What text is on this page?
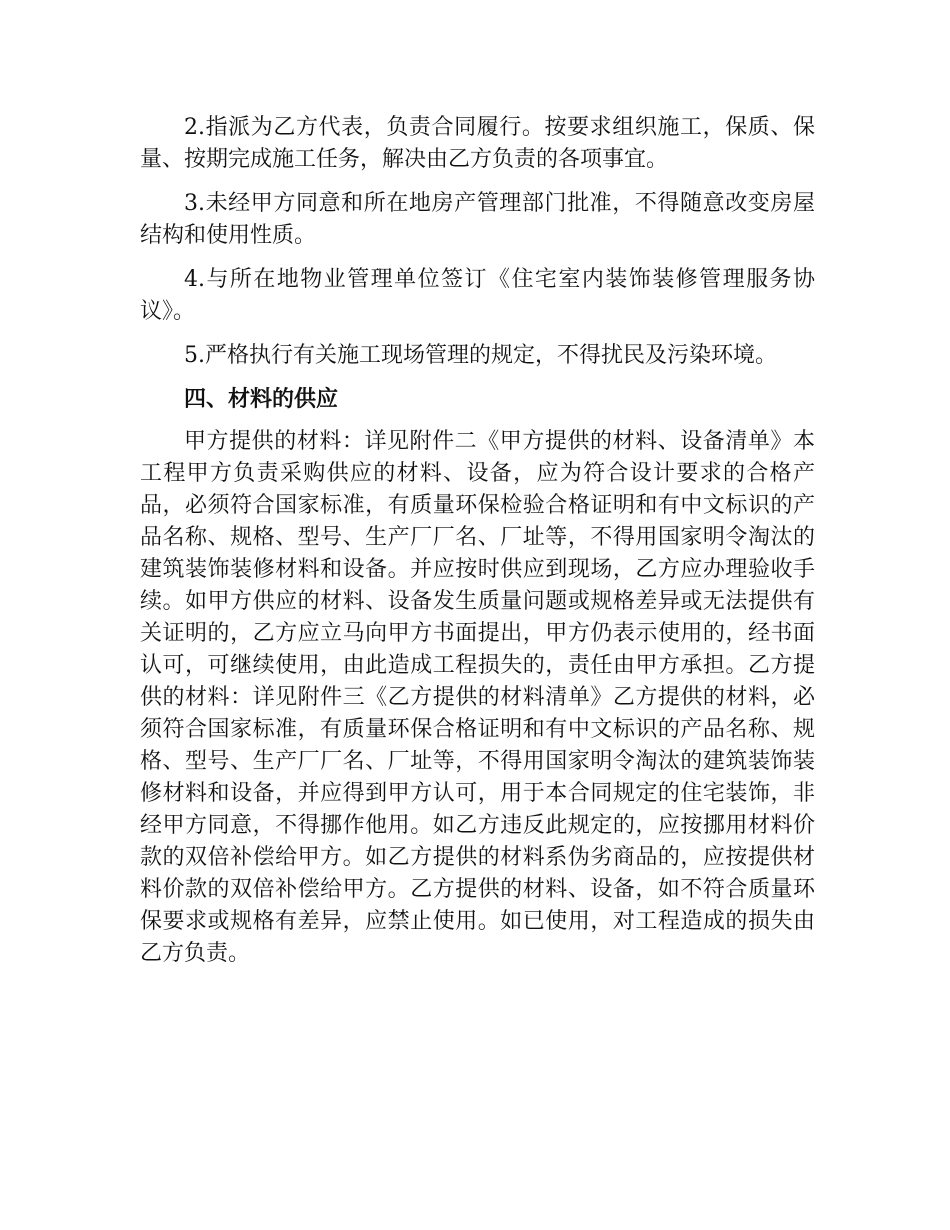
2.指派为乙方代表，负责合同履行。按要求组织施工，保质、保量、按期完成施工任务，解决由乙方负责的各项事宜。

3.未经甲方同意和所在地房产管理部门批准，不得随意改变房屋结构和使用性质。

4.与所在地物业管理单位签订《住宅室内装饰装修管理服务协议》。

5.严格执行有关施工现场管理的规定，不得扰民及污染环境。

四、材料的供应

甲方提供的材料：详见附件二《甲方提供的材料、设备清单》本工程甲方负责采购供应的材料、设备，应为符合设计要求的合格产品，必须符合国家标准，有质量环保检验合格证明和有中文标识的产品名称、规格、型号、生产厂厂名、厂址等，不得用国家明令淘汰的建筑装饰装修材料和设备。并应按时供应到现场，乙方应办理验收手续。如甲方供应的材料、设备发生质量问题或规格差异或无法提供有关证明的，乙方应立马向甲方书面提出，甲方仍表示使用的，经书面认可，可继续使用，由此造成工程损失的，责任由甲方承担。乙方提供的材料：详见附件三《乙方提供的材料清单》乙方提供的材料，必须符合国家标准，有质量环保合格证明和有中文标识的产品名称、规格、型号、生产厂厂名、厂址等，不得用国家明令淘汰的建筑装饰装修材料和设备，并应得到甲方认可，用于本合同规定的住宅装饰，非经甲方同意，不得挪作他用。如乙方违反此规定的，应按挪用材料价款的双倍补偿给甲方。如乙方提供的材料系伪劣商品的，应按提供材料价款的双倍补偿给甲方。乙方提供的材料、设备，如不符合质量环保要求或规格有差异，应禁止使用。如已使用，对工程造成的损失由乙方负责。
